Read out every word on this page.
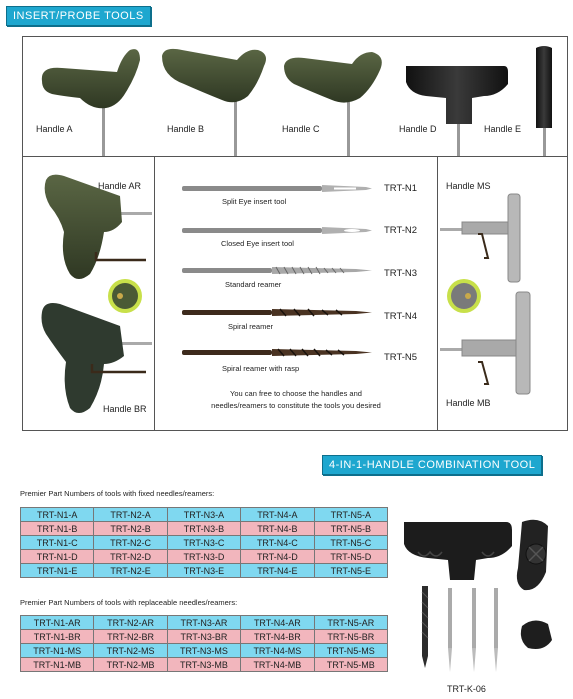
INSERT/PROBE TOOLS
Handle A	Handle B	Handle C	Handle D	Handle E
Handle AR
Handle BR
TRT-N1
Split Eye insert tool
TRT-N2
Closed Eye insert tool
TRT-N3
Standard reamer
TRT-N4
Spiral reamer
TRT-N5
Spiral reamer with rasp
You can free to choose the handles and
needles/reamers to constitute the tools you desired
Handle MS
Handle MB
4-IN-1-HANDLE COMBINATION TOOL
Premier Part Numbers of tools with fixed needles/reamers:
TRT-N1-A	TRT-N2-A	TRT-N3-A	TRT-N4-A	TRT-N5-A
TRT-N1-B	TRT-N2-B	TRT-N3-B	TRT-N4-B	TRT-N5-B
TRT-N1-C	TRT-N2-C	TRT-N3-C	TRT-N4-C	TRT-N5-C
TRT-N1-D	TRT-N2-D	TRT-N3-D	TRT-N4-D	TRT-N5-D
TRT-N1-E	TRT-N2-E	TRT-N3-E	TRT-N4-E	TRT-N5-E
Premier Part Numbers of tools with replaceable needles/reamers:
TRT-N1-AR	TRT-N2-AR	TRT-N3-AR	TRT-N4-AR	TRT-N5-AR
TRT-N1-BR	TRT-N2-BR	TRT-N3-BR	TRT-N4-BR	TRT-N5-BR
TRT-N1-MS	TRT-N2-MS	TRT-N3-MS	TRT-N4-MS	TRT-N5-MS
TRT-N1-MB	TRT-N2-MB	TRT-N3-MB	TRT-N4-MB	TRT-N5-MB
TRT-K-06
